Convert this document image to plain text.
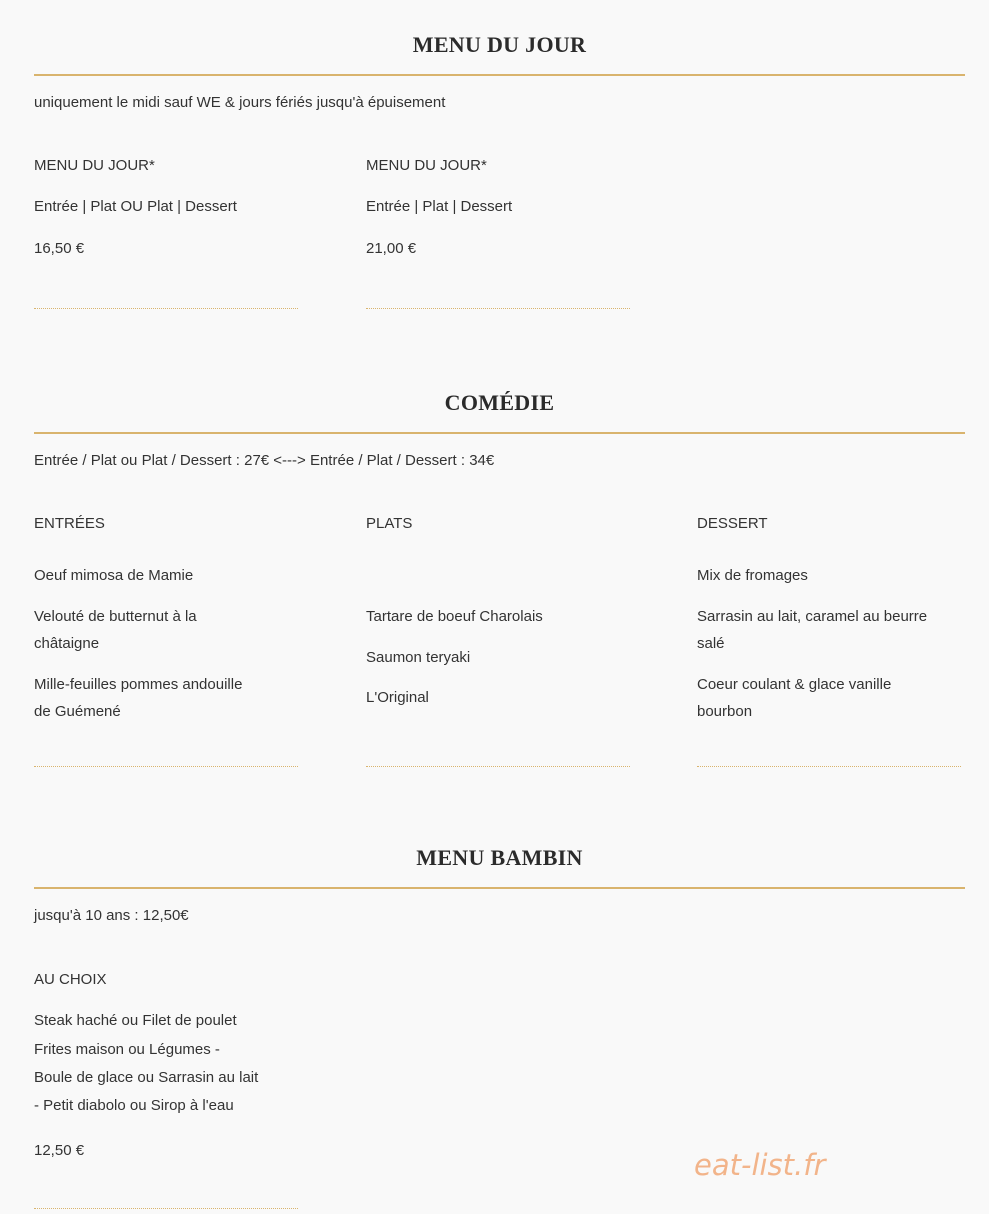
MENU DU JOUR
uniquement le midi sauf WE & jours fériés jusqu'à épuisement
MENU DU JOUR*
Entrée | Plat OU Plat | Dessert
16,50 €
MENU DU JOUR*
Entrée | Plat | Dessert
21,00 €
COMÉDIE
Entrée / Plat ou Plat / Dessert : 27€ <---> Entrée / Plat / Dessert : 34€
ENTRÉES
Oeuf mimosa de Mamie
Velouté de butternut à la
châtaigne
Mille-feuilles pommes andouille
de Guémené
PLATS
Tartare de boeuf Charolais
Saumon teryaki
L'Original
DESSERT
Mix de fromages
Sarrasin au lait, caramel au beurre
salé
Coeur coulant & glace vanille
bourbon
MENU BAMBIN
jusqu'à 10 ans : 12,50€
AU CHOIX
Steak haché ou Filet de poulet
Frites maison ou Légumes -
Boule de glace ou Sarrasin au lait
- Petit diabolo ou Sirop à l'eau
12,50 €	eat-list.fr
